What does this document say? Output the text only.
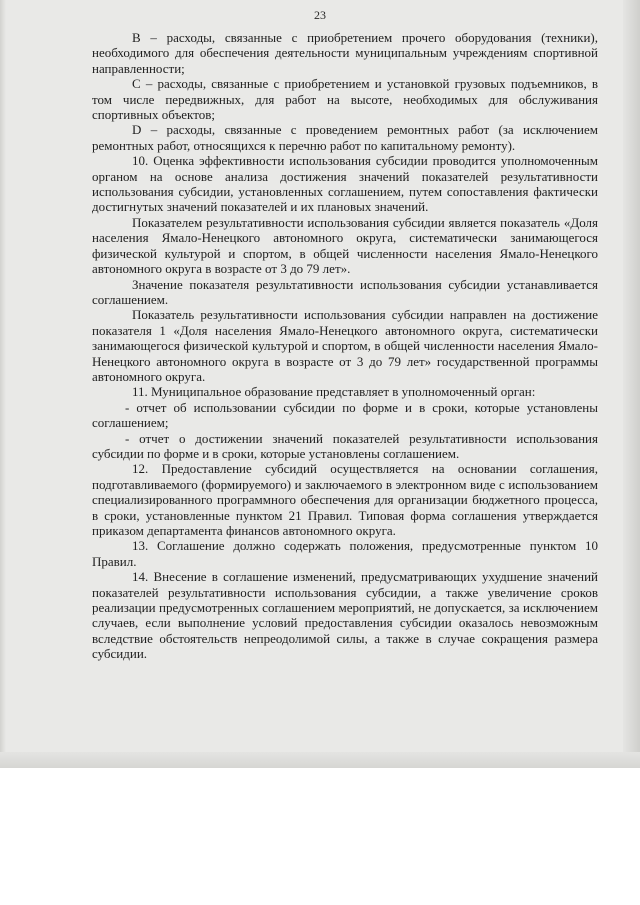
23

В – расходы, связанные с приобретением прочего оборудования (техники), необходимого для обеспечения деятельности муниципальным учреждениям спортивной направленности;

С – расходы, связанные с приобретением и установкой грузовых подъемников, в том числе передвижных, для работ на высоте, необходимых для обслуживания спортивных объектов;

D – расходы, связанные с проведением ремонтных работ (за исключением ремонтных работ, относящихся к перечню работ по капитальному ремонту).

10. Оценка эффективности использования субсидии проводится уполномоченным органом на основе анализа достижения значений показателей результативности использования субсидии, установленных соглашением, путем сопоставления фактически достигнутых значений показателей и их плановых значений.

Показателем результативности использования субсидии является показатель «Доля населения Ямало-Ненецкого автономного округа, систематически занимающегося физической культурой и спортом, в общей численности населения Ямало-Ненецкого автономного округа в возрасте от 3 до 79 лет».

Значение показателя результативности использования субсидии устанавливается соглашением.

Показатель результативности использования субсидии направлен на достижение показателя 1 «Доля населения Ямало-Ненецкого автономного округа, систематически занимающегося физической культурой и спортом, в общей численности населения Ямало-Ненецкого автономного округа в возрасте от 3 до 79 лет» государственной программы автономного округа.

11. Муниципальное образование представляет в уполномоченный орган:

- отчет об использовании субсидии по форме и в сроки, которые установлены соглашением;

- отчет о достижении значений показателей результативности использования субсидии по форме и в сроки, которые установлены соглашением.

12. Предоставление субсидий осуществляется на основании соглашения, подготавливаемого (формируемого) и заключаемого в электронном виде с использованием специализированного программного обеспечения для организации бюджетного процесса, в сроки, установленные пунктом 21 Правил. Типовая форма соглашения утверждается приказом департамента финансов автономного округа.

13. Соглашение должно содержать положения, предусмотренные пунктом 10 Правил.

14. Внесение в соглашение изменений, предусматривающих ухудшение значений показателей результативности использования субсидии, а также увеличение сроков реализации предусмотренных соглашением мероприятий, не допускается, за исключением случаев, если выполнение условий предоставления субсидии оказалось невозможным вследствие обстоятельств непреодолимой силы, а также в случае сокращения размера субсидии.
